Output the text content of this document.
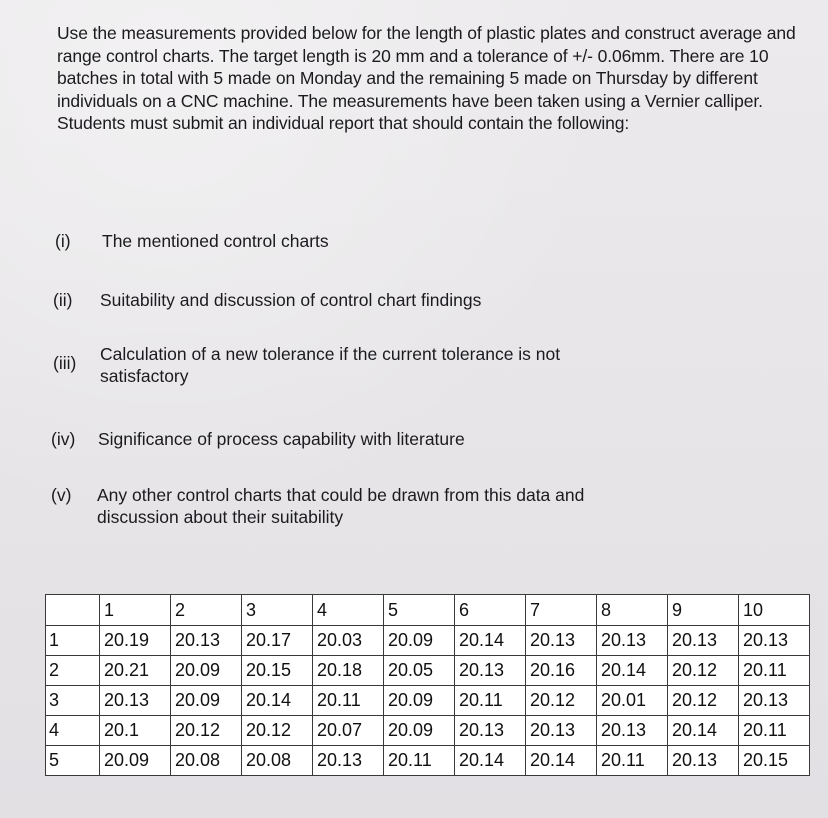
Use the measurements provided below for the length of plastic plates and construct average and range control charts. The target length is 20 mm and a tolerance of +/- 0.06mm. There are 10 batches in total with 5 made on Monday and the remaining 5 made on Thursday by different individuals on a CNC machine. The measurements have been taken using a Vernier calliper. Students must submit an individual report that should contain the following:
(i) The mentioned control charts
(ii) Suitability and discussion of control chart findings
(iii) Calculation of a new tolerance if the current tolerance is not satisfactory
(iv) Significance of process capability with literature
(v) Any other control charts that could be drawn from this data and discussion about their suitability
	1	2	3	4	5	6	7	8	9	10
1	20.19	20.13	20.17	20.03	20.09	20.14	20.13	20.13	20.13	20.13
2	20.21	20.09	20.15	20.18	20.05	20.13	20.16	20.14	20.12	20.11
3	20.13	20.09	20.14	20.11	20.09	20.11	20.12	20.01	20.12	20.13
4	20.1	20.12	20.12	20.07	20.09	20.13	20.13	20.13	20.14	20.11
5	20.09	20.08	20.08	20.13	20.11	20.14	20.14	20.11	20.13	20.15
